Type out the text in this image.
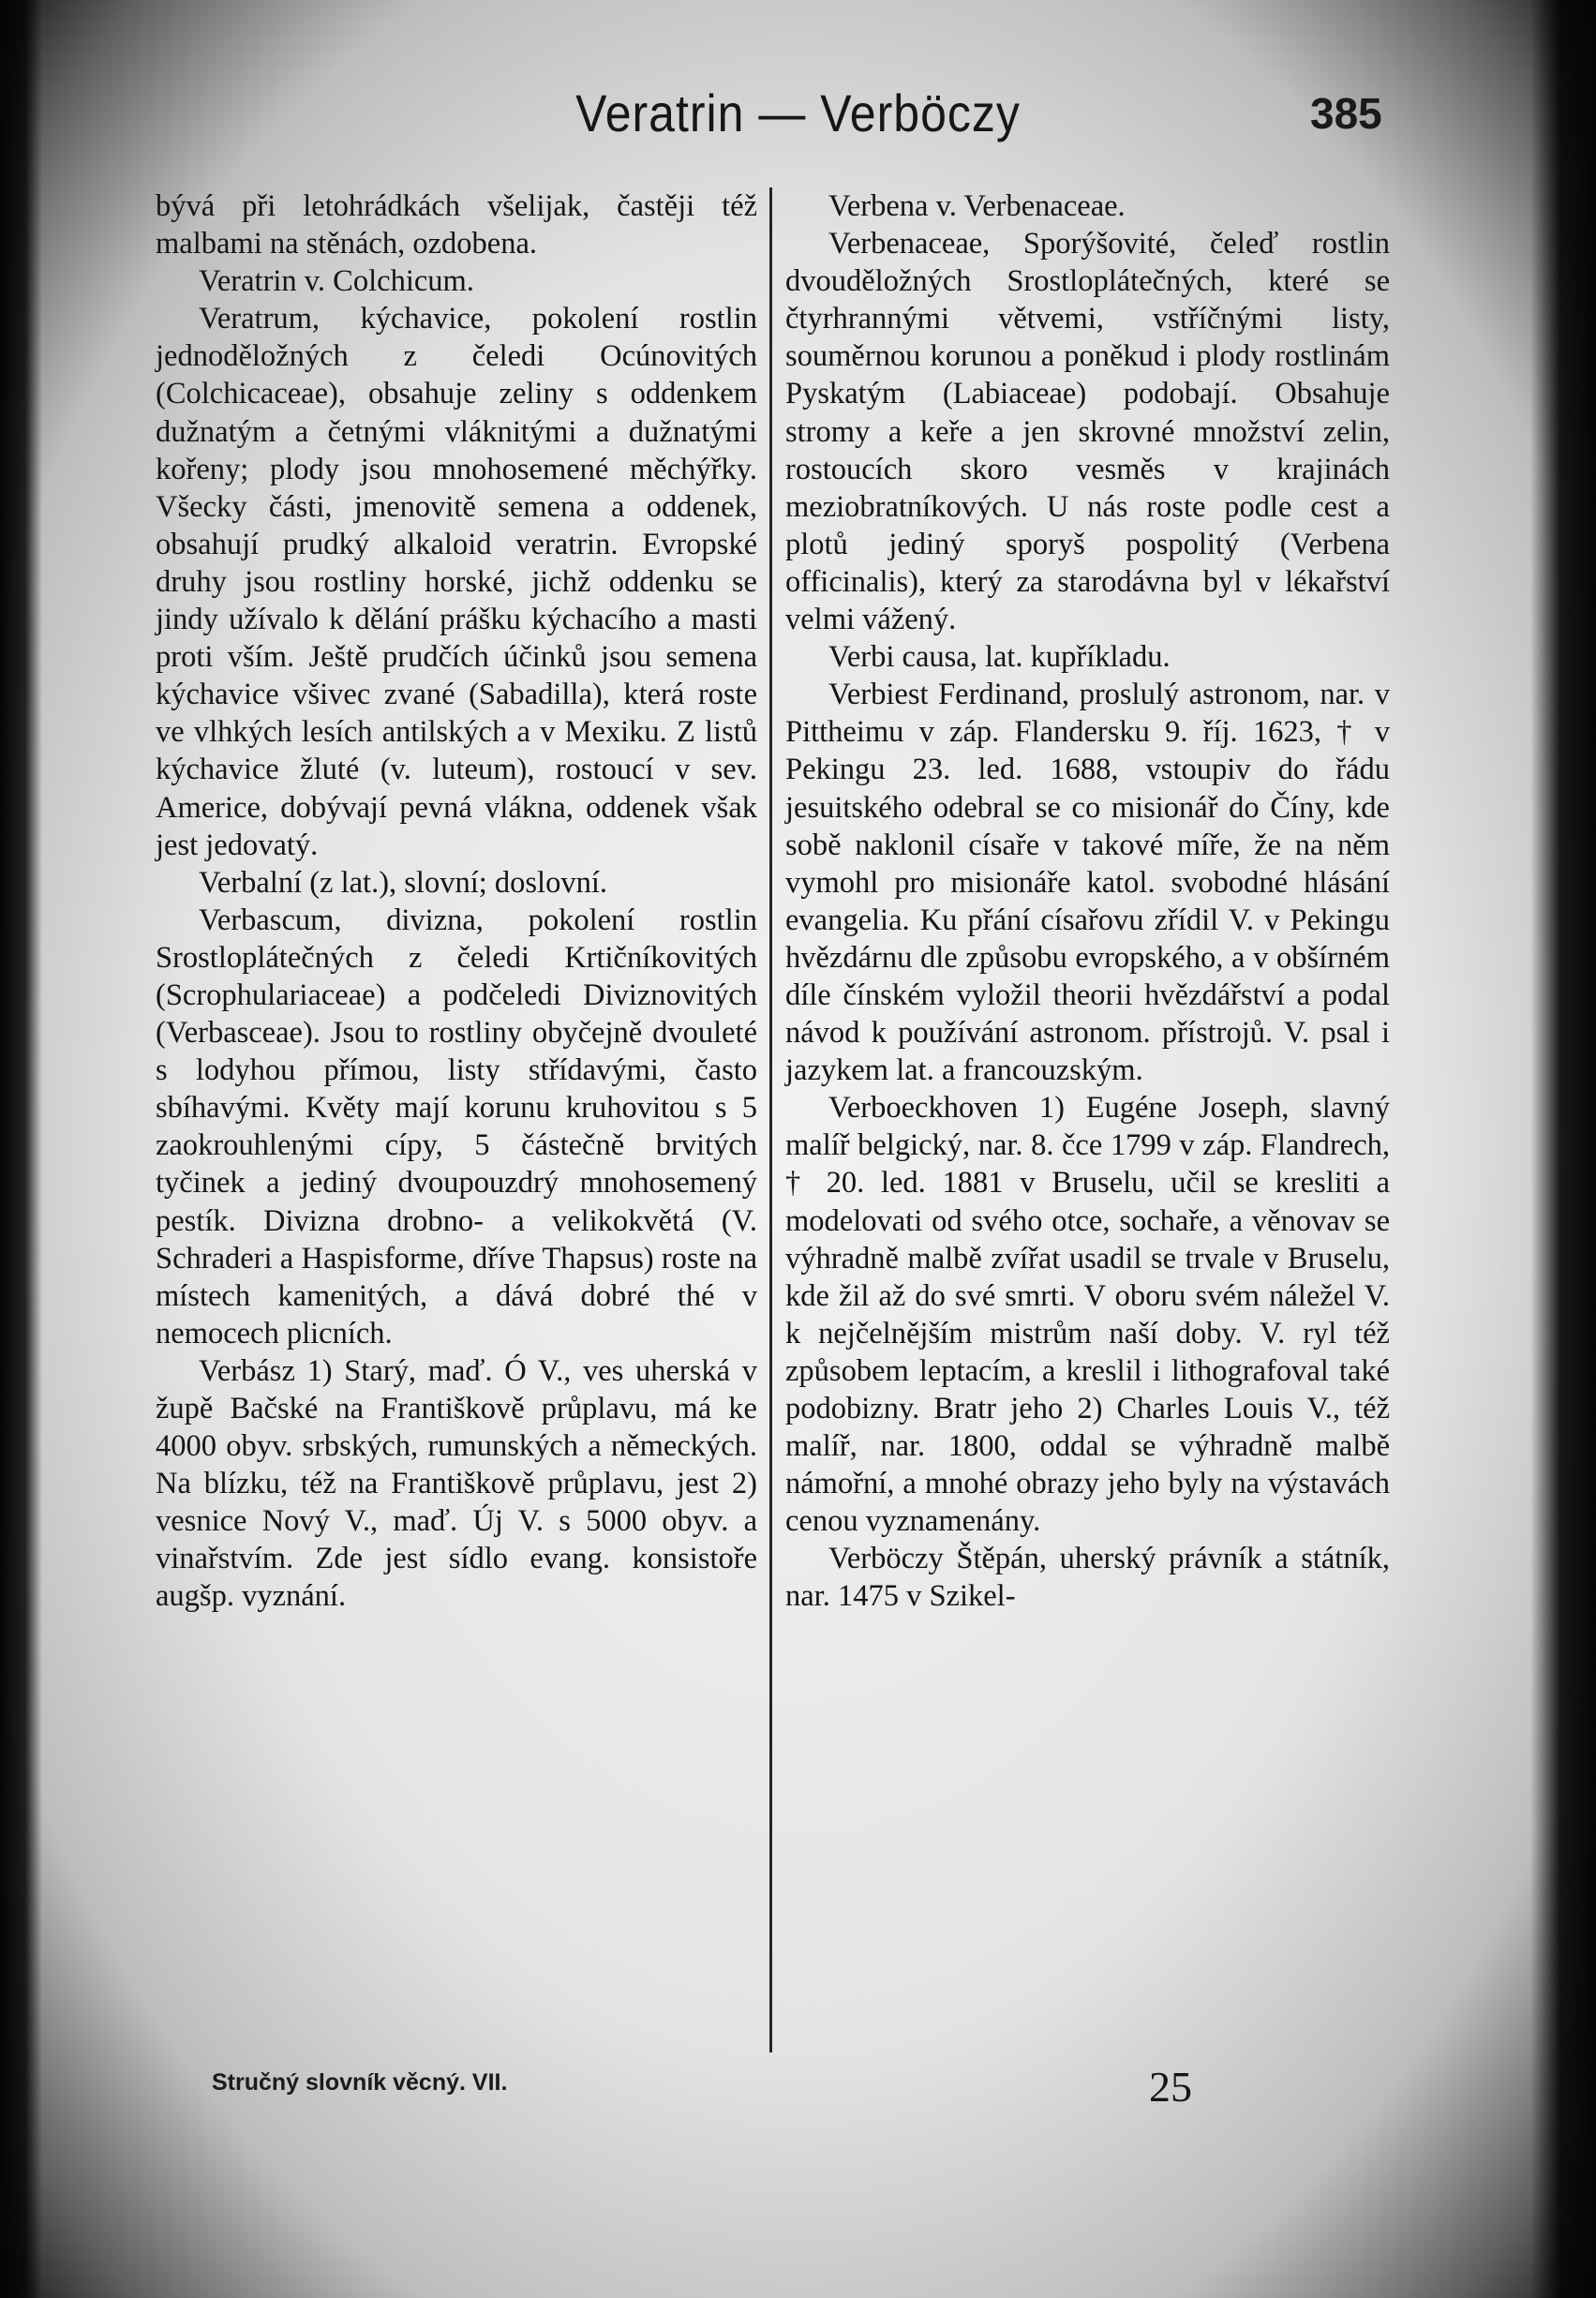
Veratrin — Verböczy	385

bývá při letohrádkách všelijak, častěji též malbami na stěnách, ozdobena.

Veratrin v. Colchicum.

Veratrum, kýchavice, pokolení rostlin jednoděložných z čeledi Ocúnovitých (Colchicaceae), obsahuje zeliny s oddenkem dužnatým a četnými vláknitými a dužnatými kořeny; plody jsou mnohosemené měchýřky. Všecky části, jmenovitě semena a oddenek, obsahují prudký alkaloid veratrin. Evropské druhy jsou rostliny horské, jichž oddenku se jindy užívalo k dělání prášku kýchacího a masti proti vším. Ještě prudčích účinků jsou semena kýchavice všivec zvané (Sabadilla), která roste ve vlhkých lesích antilských a v Mexiku. Z listů kýchavice žluté (v. luteum), rostoucí v sev. Americe, dobývají pevná vlákna, oddenek však jest jedovatý.

Verbalní (z lat.), slovní; doslovní.

Verbascum, divizna, pokolení rostlin Srostloplátečných z čeledi Krtičníkovitých (Scrophulariaceae) a podčeledi Diviznovitých (Verbasceae). Jsou to rostliny obyčejně dvouleté s lodyhou přímou, listy střídavými, často sbíhavými. Květy mají korunu kruhovitou s 5 zaokrouhlenými cípy, 5 částečně brvitých tyčinek a jediný dvoupouzdrý mnohosemený pestík. Divizna drobno- a velikokvětá (V. Schraderi a Haspisforme, dříve Thapsus) roste na místech kamenitých, a dává dobré thé v nemocech plicních.

Verbász 1) Starý, maď. Ó V., ves uherská v župě Bačské na Františkově průplavu, má ke 4000 obyv. srbských, rumunských a německých. Na blízku, též na Františkově průplavu, jest 2) vesnice Nový V., maď. Új V. s 5000 obyv. a vinařstvím. Zde jest sídlo evang. konsistoře augšp. vyznání.

Verbena v. Verbenaceae.

Verbenaceae, Sporýšovité, čeleď rostlin dvouděložných Srostloplátečných, které se čtyrhrannými větvemi, vstříčnými listy, souměrnou korunou a poněkud i plody rostlinám Pyskatým (Labiaceae) podobají. Obsahuje stromy a keře a jen skrovné množství zelin, rostoucích skoro vesměs v krajinách meziobratníkových. U nás roste podle cest a plotů jediný sporyš pospolitý (Verbena officinalis), který za starodávna byl v lékařství velmi vážený.

Verbi causa, lat. kupříkladu.

Verbiest Ferdinand, proslulý astronom, nar. v Pittheimu v záp. Flandersku 9. říj. 1623, † v Pekingu 23. led. 1688, vstoupiv do řádu jesuitského odebral se co misionář do Číny, kde sobě naklonil císaře v takové míře, že na něm vymohl pro misionáře katol. svobodné hlásání evangelia. Ku přání císařovu zřídil V. v Pekingu hvězdárnu dle způsobu evropského, a v obšírném díle čínském vyložil theorii hvězdářství a podal návod k používání astronom. přístrojů. V. psal i jazykem lat. a francouzským.

Verboeckhoven 1) Eugéne Joseph, slavný malíř belgický, nar. 8. čce 1799 v záp. Flandrech, † 20. led. 1881 v Bruselu, učil se kresliti a modelovati od svého otce, sochaře, a věnovav se výhradně malbě zvířat usadil se trvale v Bruselu, kde žil až do své smrti. V oboru svém náležel V. k nejčelnějším mistrům naší doby. V. ryl též způsobem leptacím, a kreslil i lithografoval také podobizny. Bratr jeho 2) Charles Louis V., též malíř, nar. 1800, oddal se výhradně malbě námořní, a mnohé obrazy jeho byly na výstavách cenou vyznamenány.

Verböczy Štěpán, uherský právník a státník, nar. 1475 v Szikel-

Stručný slovník věcný. VII.	25
